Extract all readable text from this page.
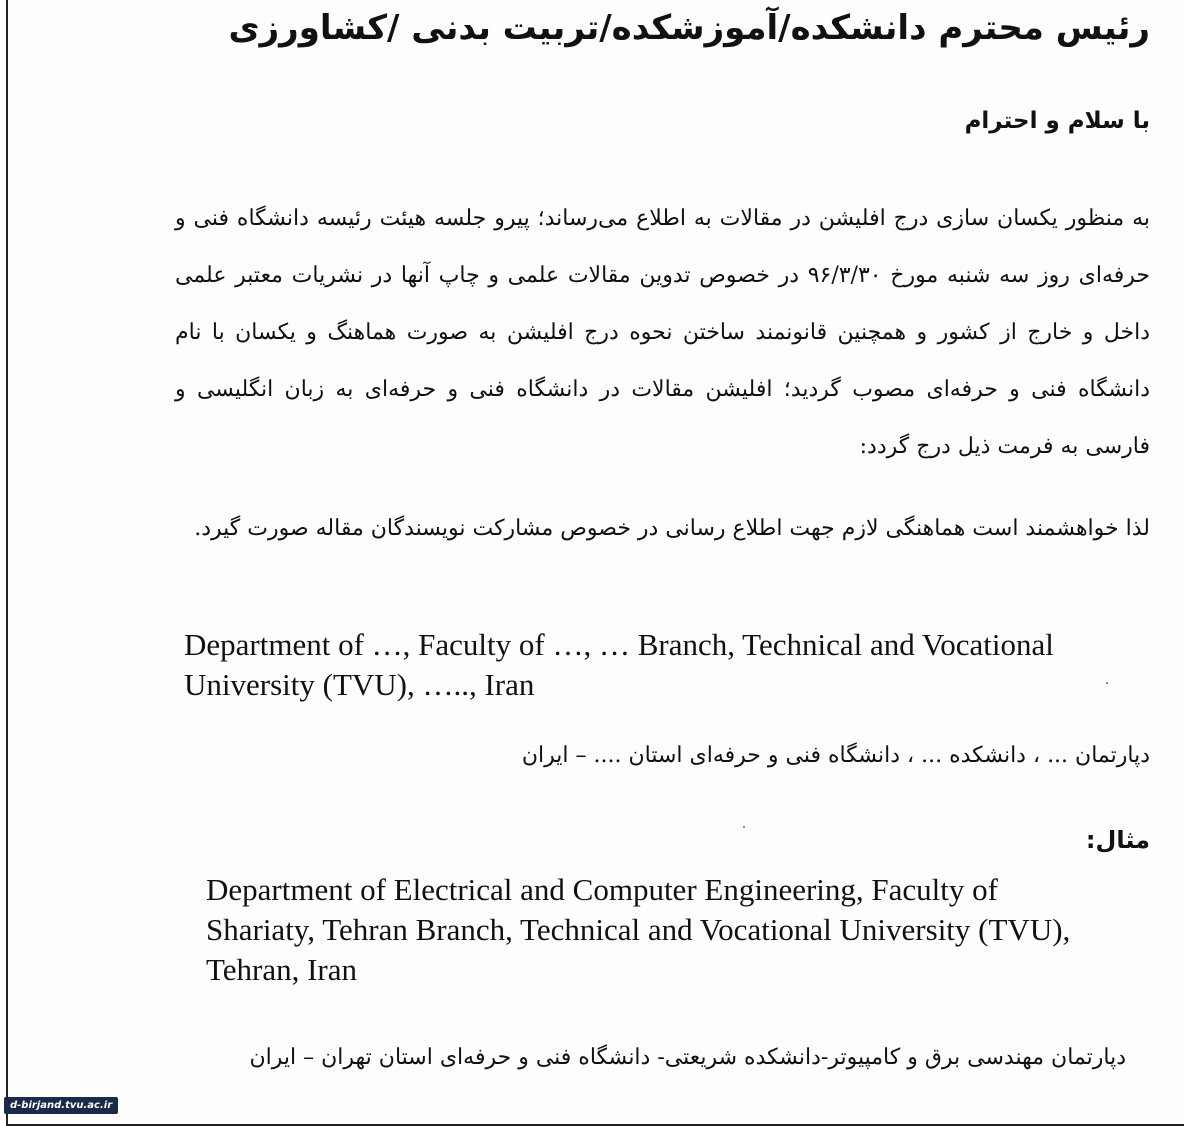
رئیس محترم دانشکده/آموزشکده/تربیت بدنی /کشاورزی
با سلام و احترام
به منظور یکسان سازی درج افلیشن در مقالات به اطلاع می‌رساند؛ پیرو جلسه هیئت رئیسه دانشگاه فنی و حرفه‌ای روز سه شنبه مورخ ۹۶/۳/۳۰ در خصوص تدوین مقالات علمی و چاپ آنها در نشریات معتبر علمی داخل و خارج از کشور و همچنین قانونمند ساختن نحوه درج افلیشن به صورت هماهنگ و یکسان با نام دانشگاه فنی و حرفه‌ای مصوب گردید؛ افلیشن مقالات در دانشگاه فنی و حرفه‌ای به زبان انگلیسی و فارسی به فرمت ذیل درج گردد:
لذا خواهشمند است هماهنگی لازم جهت اطلاع رسانی در خصوص مشارکت نویسندگان مقاله صورت گیرد.
Department of …, Faculty of …, … Branch, Technical and Vocational University (TVU), ….., Iran
دپارتمان ... ، دانشکده ... ، دانشگاه فنی و حرفه‌ای استان .... – ایران
مثال:
Department of Electrical and Computer Engineering, Faculty of Shariaty, Tehran Branch, Technical and Vocational University (TVU), Tehran, Iran
دپارتمان مهندسی برق و کامپیوتر-دانشکده شریعتی- دانشگاه فنی و حرفه‌ای استان تهران – ایران
d-birjand.tvu.ac.ir
